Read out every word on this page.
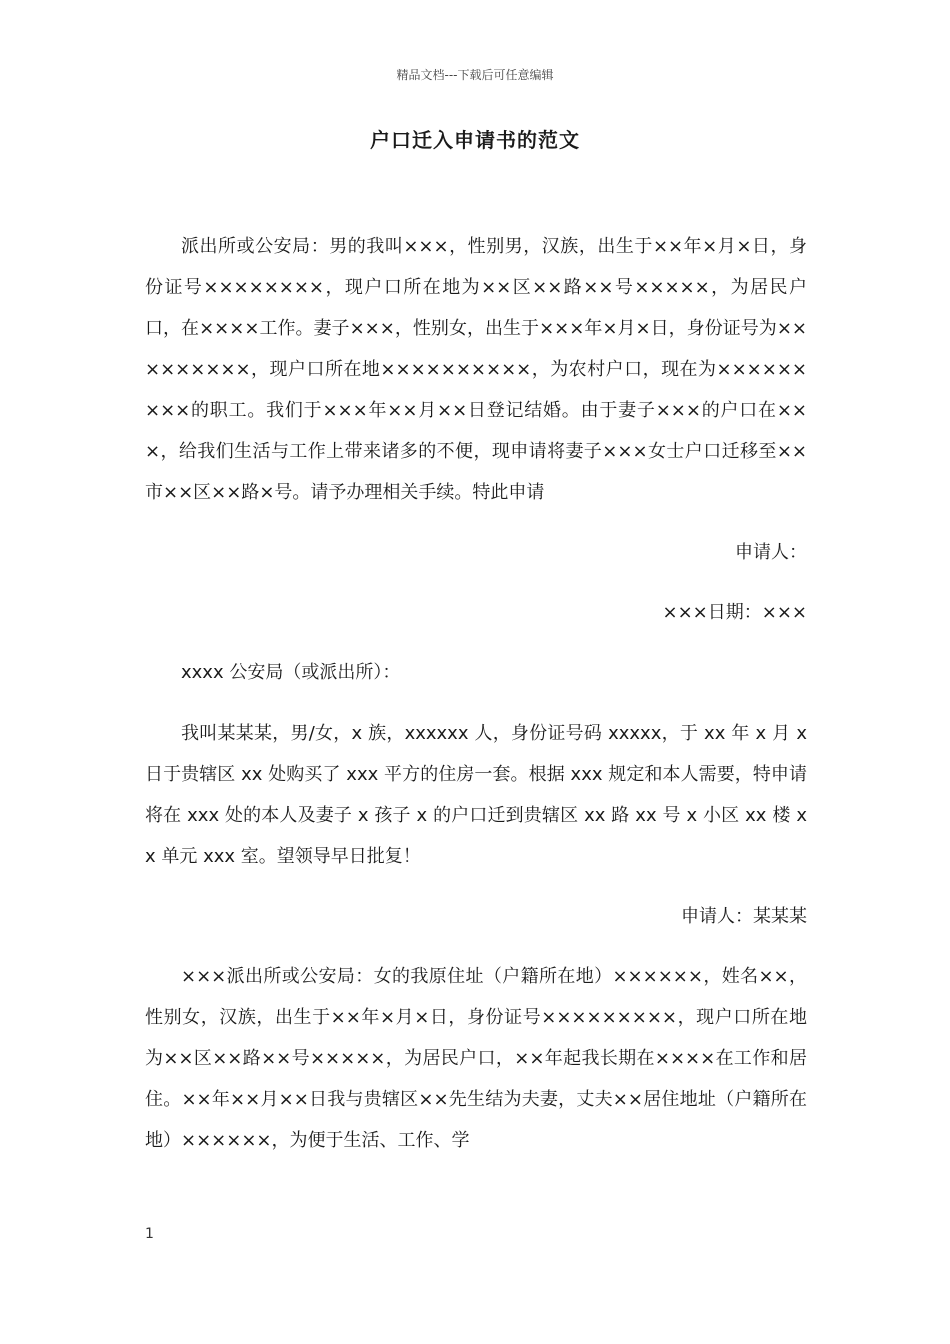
精品文档---下载后可任意编辑
户口迁入申请书的范文

派出所或公安局：男的我叫×××，性别男，汉族，出生于××年×月×日，身份证号××××××××，现户口所在地为××区××路××号×××××，为居民户口，在××××工作。妻子×××，性别女，出生于×××年×月×日，身份证号为×××××××××，现户口所在地××××××××××，为农村户口，现在为×××××××××的职工。我们于×××年××月××日登记结婚。由于妻子×××的户口在×××，给我们生活与工作上带来诸多的不便，现申请将妻子×××女士户口迁移至××市××区××路×号。请予办理相关手续。特此申请

申请人：

×××日期：×××

xxxx 公安局（或派出所）：

我叫某某某，男/女，x 族，xxxxxx 人，身份证号码 xxxxx，于 xx 年 x 月 x 日于贵辖区 xx 处购买了 xxx 平方的住房一套。根据 xxx 规定和本人需要，特申请将在 xxx 处的本人及妻子 x 孩子 x 的户口迁到贵辖区 xx 路 xx 号 x 小区 xx 楼 xx 单元 xxx 室。望领导早日批复！

申请人：某某某

×××派出所或公安局：女的我原住址（户籍所在地）××××××，姓名××，性别女，汉族，出生于××年×月×日，身份证号×××××××××，现户口所在地为××区××路××号×××××，为居民户口，××年起我长期在××××在工作和居住。××年××月××日我与贵辖区××先生结为夫妻，丈夫××居住地址（户籍所在地）××××××，为便于生活、工作、学

1
